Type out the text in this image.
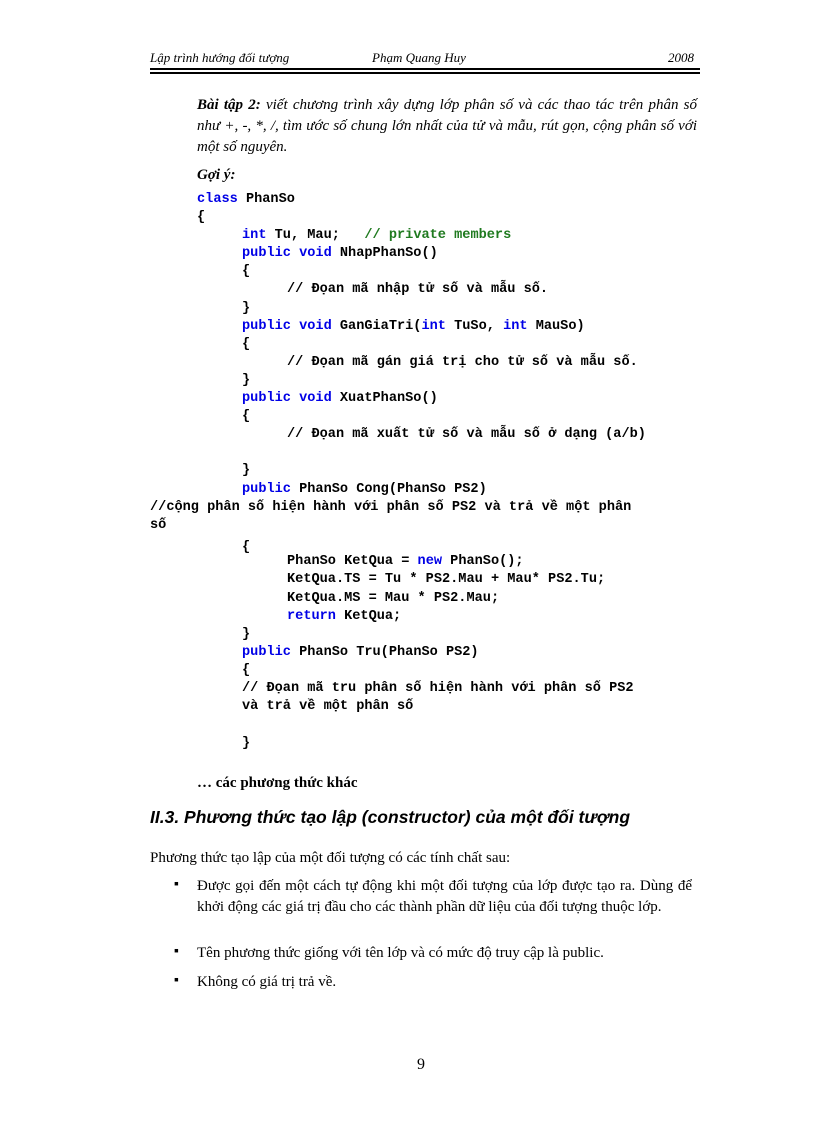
Lập trình hướng đối tượng	Phạm Quang Huy	2008
Bài tập 2: viết chương trình xây dựng lớp phân số và các thao tác trên phân số như +, -, *, /, tìm ước số chung lớn nhất của tử và mẫu, rút gọn, cộng phân số với một số nguyên.
Gợi ý:
class PhanSo
{
int Tu, Mau;   // private members
public void NhapPhanSo()
{
// Đọan mã nhập tử số và mẫu số.
}
public void GanGiaTri(int TuSo, int MauSo)
{
// Đọan mã gán giá trị cho tử số và mẫu số.
}
public void XuatPhanSo()
{
// Đọan mã xuất tử số và mẫu số ở dạng (a/b)
}
public PhanSo Cong(PhanSo PS2)
//cộng phân số hiện hành với phân số PS2 và trả về một phân
số
{
PhanSo KetQua = new PhanSo();
KetQua.TS = Tu * PS2.Mau + Mau* PS2.Tu;
KetQua.MS = Mau * PS2.Mau;
return KetQua;
}
public PhanSo Tru(PhanSo PS2)
{
// Đọan mã tru phân số hiện hành với phân số PS2
và trả về một phân số
}
… các phương thức khác
II.3. Phương thức tạo lập (constructor) của một đối tượng
Phương thức tạo lập của một đối tượng có các tính chất sau:
▪ Được gọi đến một cách tự động khi một đối tượng của lớp được tạo ra. Dùng để khởi động các giá trị đầu cho các thành phần dữ liệu của đối tượng thuộc lớp.
▪ Tên phương thức giống với tên lớp và có mức độ truy cập là public.
▪ Không có giá trị trả về.
9
